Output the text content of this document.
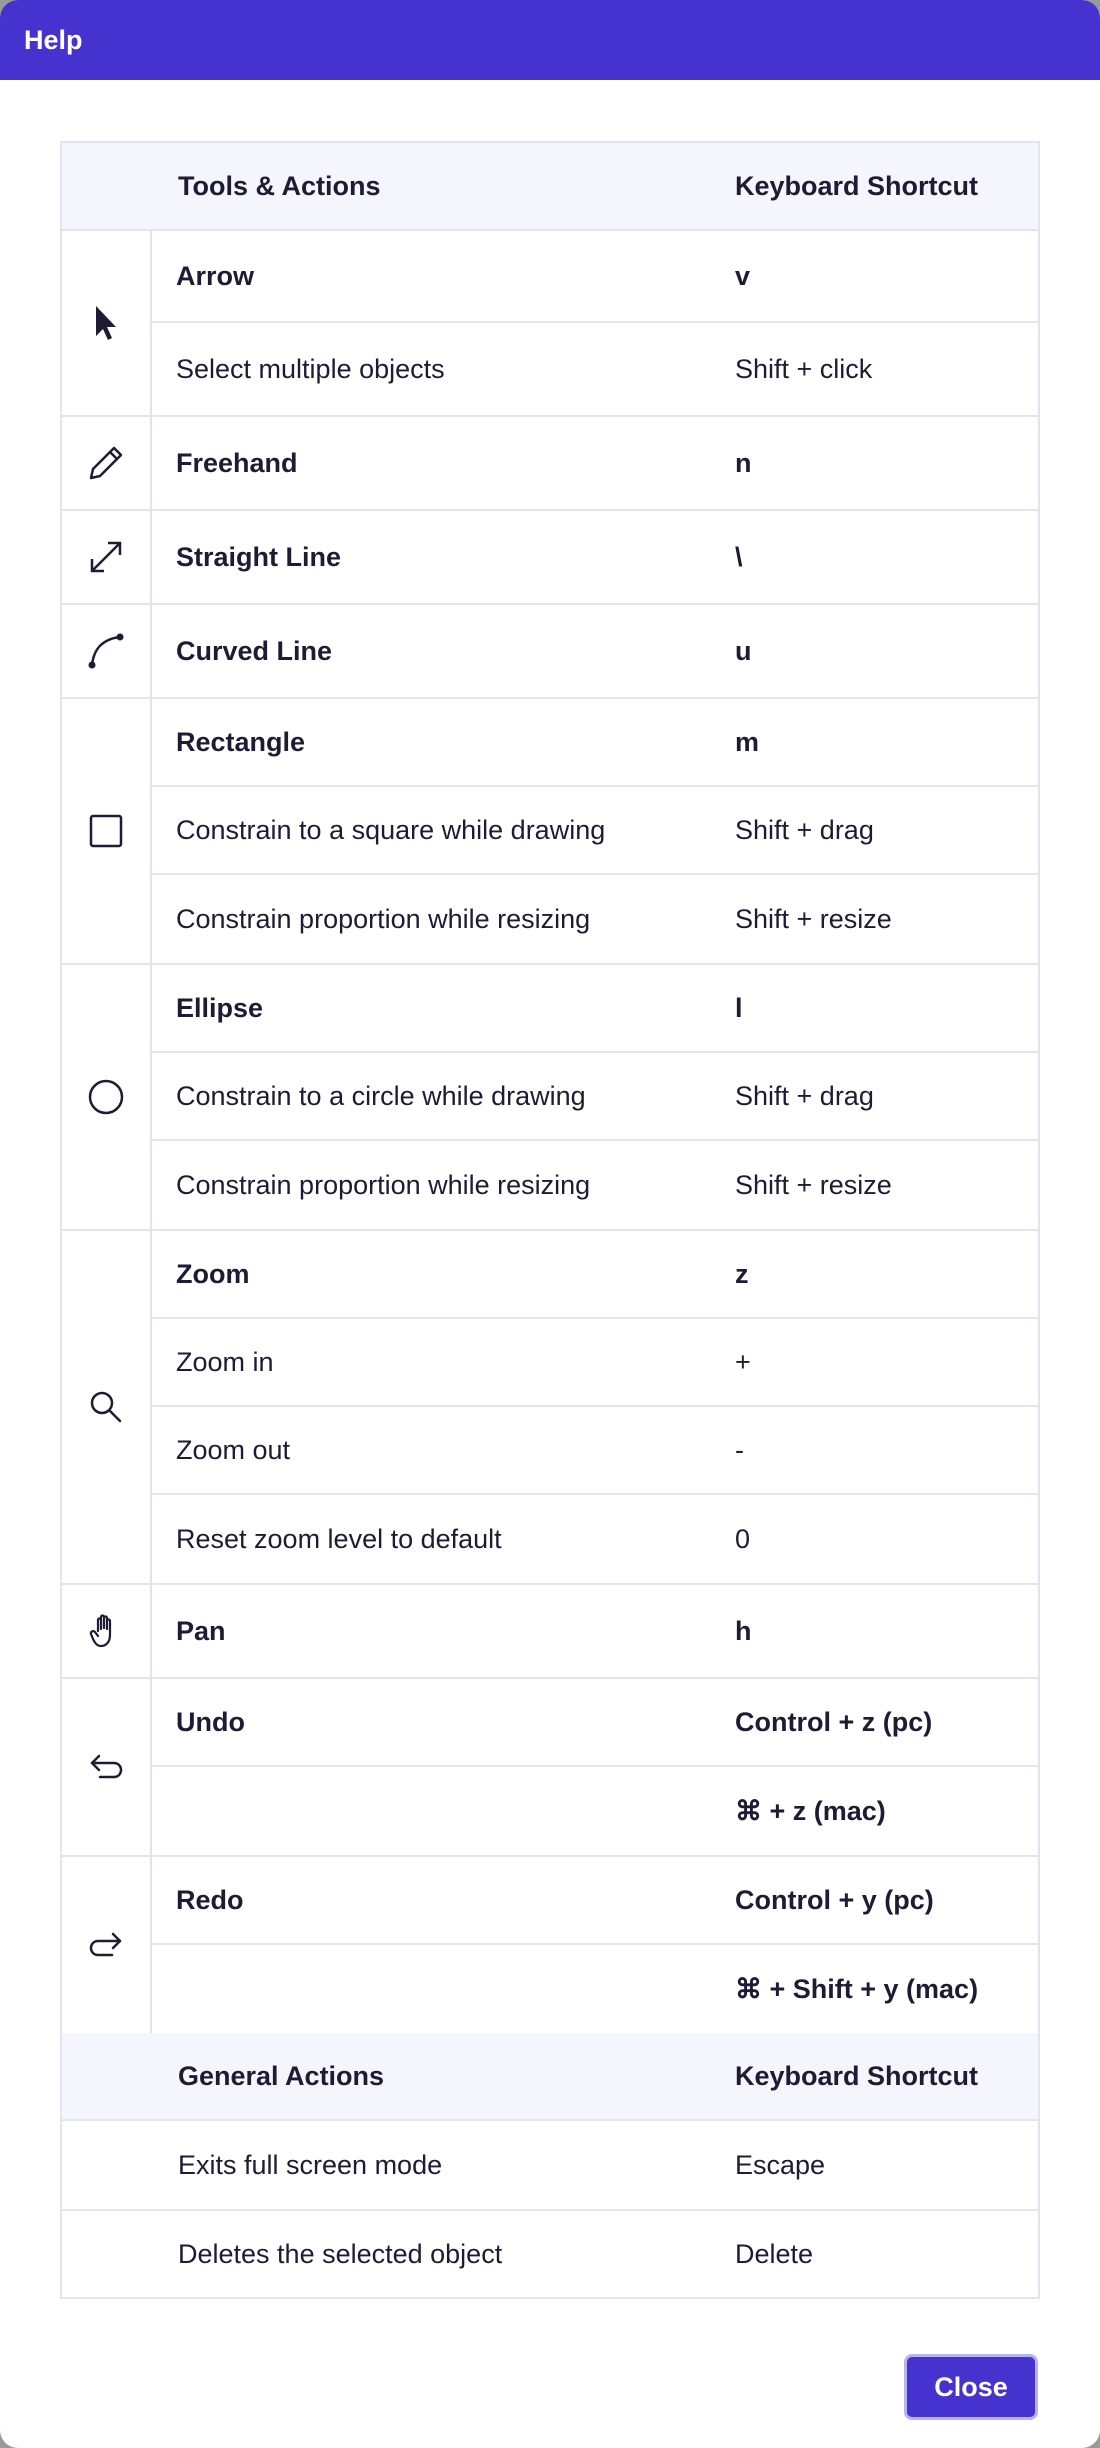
Help
Tools & Actions	Keyboard Shortcut
Arrow	v
Select multiple objects	Shift + click
Freehand	n
Straight Line	\
Curved Line	u
Rectangle	m
Constrain to a square while drawing	Shift + drag
Constrain proportion while resizing	Shift + resize
Ellipse	l
Constrain to a circle while drawing	Shift + drag
Constrain proportion while resizing	Shift + resize
Zoom	z
Zoom in	+
Zoom out	-
Reset zoom level to default	0
Pan	h
Undo	Control + z (pc)
⌘ + z (mac)
Redo	Control + y (pc)
⌘ + Shift + y (mac)
General Actions	Keyboard Shortcut
Exits full screen mode	Escape
Deletes the selected object	Delete
Close
